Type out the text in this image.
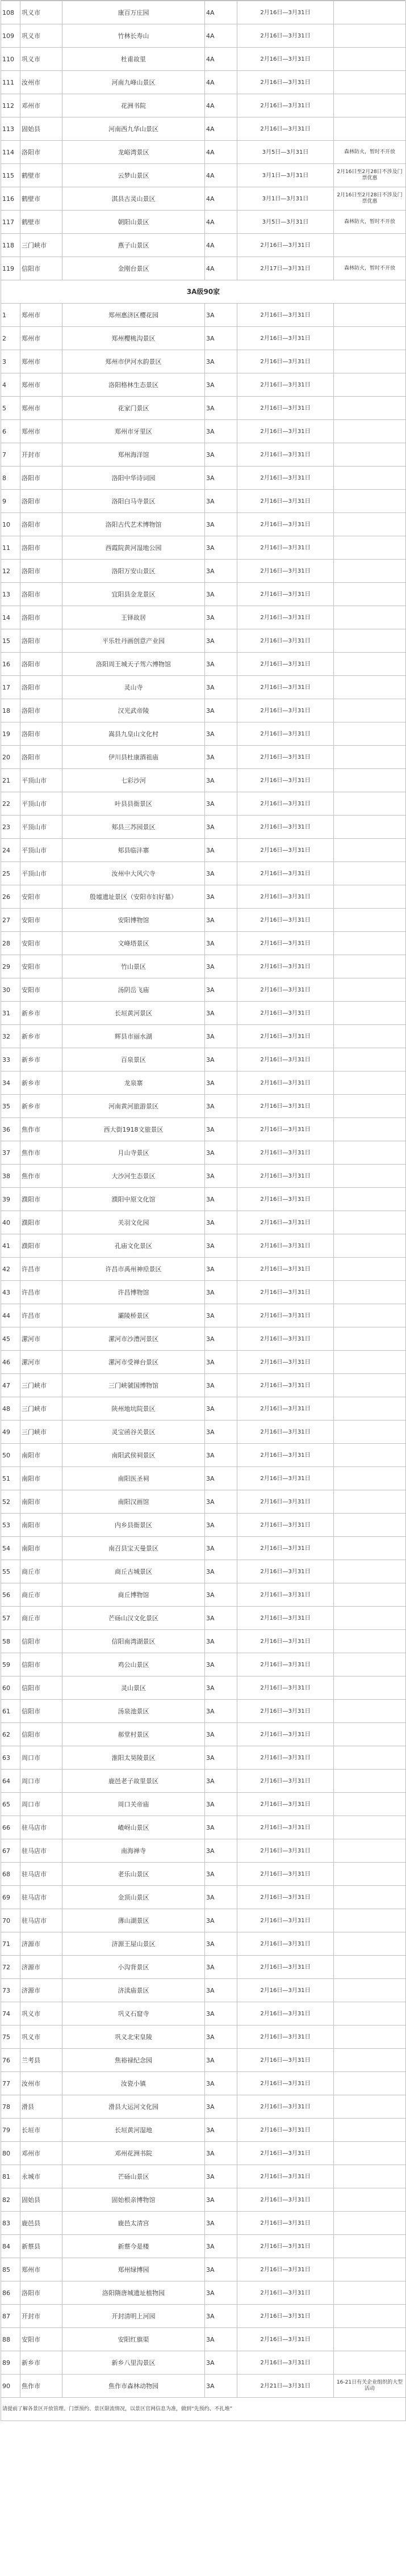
108	巩义市	康百万庄园	4A	2月16日—3月31日	
109	巩义市	竹林长寿山	4A	2月16日—3月31日	
110	巩义市	杜甫故里	4A	2月16日—3月31日	
111	汝州市	河南九峰山景区	4A	2月16日—3月31日	
112	邓州市	花洲书院	4A	2月16日—3月31日	
113	固始县	河南西九华山景区	4A	2月16日—3月31日	
114	洛阳市	龙峪湾景区	4A	3月5日—3月31日	森林防火，暂时不开放
115	鹤壁市	云梦山景区	4A	3月1日—3月31日	2月16日至2月28日不涉及门票优惠
116	鹤壁市	淇县古灵山景区	4A	3月1日—3月31日	2月16日至2月28日不涉及门票优惠
117	鹤壁市	朝阳山景区	4A	3月5日—3月31日	森林防火，暂时不开放
118	三门峡市	燕子山景区	4A	2月16日—3月31日	
119	信阳市	金刚台景区	4A	2月17日—3月31日	森林防火，暂时不开放
3A级90家					
1	郑州市	郑州惠济区樱花园	3A	2月16日—3月31日	
2	郑州市	郑州樱桃沟景区	3A	2月16日—3月31日	
3	郑州市	郑州市伊河水韵景区	3A	2月16日—3月31日	
4	郑州市	洛阳格林生态景区	3A	2月16日—3月31日	
5	郑州市	花家门景区	3A	2月16日—3月31日	
6	郑州市	郑州市牙里区	3A	2月16日—3月31日	
7	开封市	郑州海洋馆	3A	2月16日—3月31日	
8	洛阳市	洛阳中华诗词园	3A	2月16日—3月31日	
9	洛阳市	洛阳白马寺景区	3A	2月16日—3月31日	
10	洛阳市	洛阳古代艺术博物馆	3A	2月16日—3月31日	
11	洛阳市	西霞院黄河湿地公园	3A	2月16日—3月31日	
12	洛阳市	洛阳万安山景区	3A	2月16日—3月31日	
13	洛阳市	宜阳县金龙景区	3A	2月16日—3月31日	
14	洛阳市	王铎故居	3A	2月16日—3月31日	
15	洛阳市	平乐牡丹画创意产业园	3A	2月16日—3月31日	
16	洛阳市	洛阳周王城天子驾六博物馆	3A	2月16日—3月31日	
17	洛阳市	灵山寺	3A	2月16日—3月31日	
18	洛阳市	汉光武帝陵	3A	2月16日—3月31日	
19	洛阳市	嵩县九皇山文化村	3A	2月16日—3月31日	
20	洛阳市	伊川县杜康酒祖庙	3A	2月16日—3月31日	
21	平顶山市	七彩沙河	3A	2月16日—3月31日	
22	平顶山市	叶县县衙景区	3A	2月16日—3月31日	
23	平顶山市	郏县三苏园景区	3A	2月16日—3月31日	
24	平顶山市	郏县临沣寨	3A	2月16日—3月31日	
25	平顶山市	汝州中大风穴寺	3A	2月16日—3月31日	
26	安阳市	殷墟遗址景区（安阳市妇好墓）	3A	2月16日—3月31日	
27	安阳市	安阳博物馆	3A	2月16日—3月31日	
28	安阳市	文峰塔景区	3A	2月16日—3月31日	
29	安阳市	竹山景区	3A	2月16日—3月31日	
30	安阳市	汤阴岳飞庙	3A	2月16日—3月31日	
31	新乡市	长垣黄河景区	3A	2月16日—3月31日	
32	新乡市	辉县市丽水湖	3A	2月16日—3月31日	
33	新乡市	百泉景区	3A	2月16日—3月31日	
34	新乡市	龙泉寨	3A	2月16日—3月31日	
35	新乡市	河南黄河旅游景区	3A	2月16日—3月31日	
36	焦作市	西大街1918文旅景区	3A	2月16日—3月31日	
37	焦作市	月山寺景区	3A	2月16日—3月31日	
38	焦作市	大沙河生态景区	3A	2月16日—3月31日	
39	濮阳市	濮阳中原文化馆	3A	2月16日—3月31日	
40	濮阳市	关羽文化园	3A	2月16日—3月31日	
41	濮阳市	孔庙文化景区	3A	2月16日—3月31日	
42	许昌市	许昌市禹州神垕景区	3A	2月16日—3月31日	
43	许昌市	许昌博物馆	3A	2月16日—3月31日	
44	许昌市	灞陵桥景区	3A	2月16日—3月31日	
45	漯河市	漯河市沙澧河景区	3A	2月16日—3月31日	
46	漯河市	漯河市受禅台景区	3A	2月16日—3月31日	
47	三门峡市	三门峡虢国博物馆	3A	2月16日—3月31日	
48	三门峡市	陕州地坑院景区	3A	2月16日—3月31日	
49	三门峡市	灵宝函谷关景区	3A	2月16日—3月31日	
50	南阳市	南阳武侯祠景区	3A	2月16日—3月31日	
51	南阳市	南阳医圣祠	3A	2月16日—3月31日	
52	南阳市	南阳汉画馆	3A	2月16日—3月31日	
53	南阳市	内乡县衙景区	3A	2月16日—3月31日	
54	南阳市	南召县宝天曼景区	3A	2月16日—3月31日	
55	商丘市	商丘古城景区	3A	2月16日—3月31日	
56	商丘市	商丘博物馆	3A	2月16日—3月31日	
57	商丘市	芒砀山汉文化景区	3A	2月16日—3月31日	
58	信阳市	信阳南湾湖景区	3A	2月16日—3月31日	
59	信阳市	鸡公山景区	3A	2月16日—3月31日	
60	信阳市	灵山景区	3A	2月16日—3月31日	
61	信阳市	汤泉池景区	3A	2月16日—3月31日	
62	信阳市	郝堂村景区	3A	2月16日—3月31日	
63	周口市	淮阳太昊陵景区	3A	2月16日—3月31日	
64	周口市	鹿邑老子故里景区	3A	2月16日—3月31日	
65	周口市	周口关帝庙	3A	2月16日—3月31日	
66	驻马店市	嵖岈山景区	3A	2月16日—3月31日	
67	驻马店市	南海禅寺	3A	2月16日—3月31日	
68	驻马店市	老乐山景区	3A	2月16日—3月31日	
69	驻马店市	金顶山景区	3A	2月16日—3月31日	
70	驻马店市	薄山湖景区	3A	2月16日—3月31日	
71	济源市	济源王屋山景区	3A	2月16日—3月31日	
72	济源市	小沟背景区	3A	2月16日—3月31日	
73	济源市	济渎庙景区	3A	2月16日—3月31日	
74	巩义市	巩义石窟寺	3A	2月16日—3月31日	
75	巩义市	巩义北宋皇陵	3A	2月16日—3月31日	
76	兰考县	焦裕禄纪念园	3A	2月16日—3月31日	
77	汝州市	汝瓷小镇	3A	2月16日—3月31日	
78	滑县	滑县大运河文化园	3A	2月16日—3月31日	
79	长垣市	长垣黄河湿地	3A	2月16日—3月31日	
80	邓州市	邓州花洲书院	3A	2月16日—3月31日	
81	永城市	芒砀山景区	3A	2月16日—3月31日	
82	固始县	固始根亲博物馆	3A	2月16日—3月31日	
83	鹿邑县	鹿邑太清宫	3A	2月16日—3月31日	
84	新蔡县	新蔡今是楼	3A	2月16日—3月31日	
85	郑州市	郑州绿博园	3A	2月16日—3月31日	
86	洛阳市	洛阳隋唐城遗址植物园	3A	2月16日—3月31日	
87	开封市	开封清明上河园	3A	2月16日—3月31日	
88	安阳市	安阳红旗渠	3A	2月16日—3月31日	
89	新乡市	新乡八里沟景区	3A	2月16日—3月31日	
90	焦作市	焦作市森林动物园	3A	2月21日—3月31日	16-21日有关企业组织的大型活动
请提前了解各景区开放管理、门票预约、景区限流情况，以景区官网信息为准，做到“先预约、不扎堆”					
